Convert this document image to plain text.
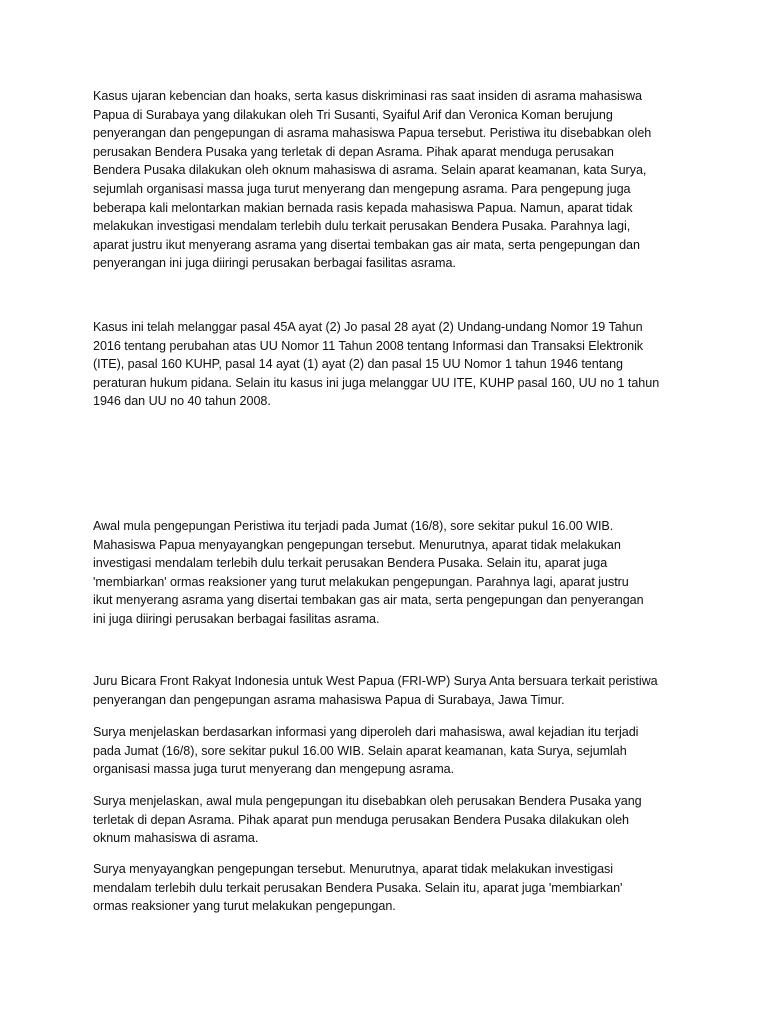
Kasus ujaran kebencian dan hoaks, serta kasus diskriminasi ras saat insiden di asrama mahasiswa
Papua di Surabaya yang dilakukan oleh Tri Susanti, Syaiful Arif dan Veronica Koman berujung
penyerangan dan pengepungan di asrama mahasiswa Papua tersebut. Peristiwa itu disebabkan oleh
perusakan Bendera Pusaka yang terletak di depan Asrama. Pihak aparat menduga perusakan
Bendera Pusaka dilakukan oleh oknum mahasiswa di asrama. Selain aparat keamanan, kata Surya,
sejumlah organisasi massa juga turut menyerang dan mengepung asrama. Para pengepung juga
beberapa kali melontarkan makian bernada rasis kepada mahasiswa Papua. Namun, aparat tidak
melakukan investigasi mendalam terlebih dulu terkait perusakan Bendera Pusaka. Parahnya lagi,
aparat justru ikut menyerang asrama yang disertai tembakan gas air mata, serta pengepungan dan
penyerangan ini juga diiringi perusakan berbagai fasilitas asrama.

Kasus ini telah melanggar pasal 45A ayat (2) Jo pasal 28 ayat (2) Undang-undang Nomor 19 Tahun
2016 tentang perubahan atas UU Nomor 11 Tahun 2008 tentang Informasi dan Transaksi Elektronik
(ITE), pasal 160 KUHP, pasal 14 ayat (1) ayat (2) dan pasal 15 UU Nomor 1 tahun 1946 tentang
peraturan hukum pidana. Selain itu kasus ini juga melanggar UU ITE, KUHP pasal 160, UU no 1 tahun
1946 dan UU no 40 tahun 2008.

Awal mula pengepungan Peristiwa itu terjadi pada Jumat (16/8), sore sekitar pukul 16.00 WIB.
Mahasiswa Papua menyayangkan pengepungan tersebut. Menurutnya, aparat tidak melakukan
investigasi mendalam terlebih dulu terkait perusakan Bendera Pusaka. Selain itu, aparat juga
'membiarkan' ormas reaksioner yang turut melakukan pengepungan. Parahnya lagi, aparat justru
ikut menyerang asrama yang disertai tembakan gas air mata, serta pengepungan dan penyerangan
ini juga diiringi perusakan berbagai fasilitas asrama.

Juru Bicara Front Rakyat Indonesia untuk West Papua (FRI-WP) Surya Anta bersuara terkait peristiwa
penyerangan dan pengepungan asrama mahasiswa Papua di Surabaya, Jawa Timur.

Surya menjelaskan berdasarkan informasi yang diperoleh dari mahasiswa, awal kejadian itu terjadi
pada Jumat (16/8), sore sekitar pukul 16.00 WIB. Selain aparat keamanan, kata Surya, sejumlah
organisasi massa juga turut menyerang dan mengepung asrama.

Surya menjelaskan, awal mula pengepungan itu disebabkan oleh perusakan Bendera Pusaka yang
terletak di depan Asrama. Pihak aparat pun menduga perusakan Bendera Pusaka dilakukan oleh
oknum mahasiswa di asrama.

Surya menyayangkan pengepungan tersebut. Menurutnya, aparat tidak melakukan investigasi
mendalam terlebih dulu terkait perusakan Bendera Pusaka. Selain itu, aparat juga 'membiarkan'
ormas reaksioner yang turut melakukan pengepungan.
